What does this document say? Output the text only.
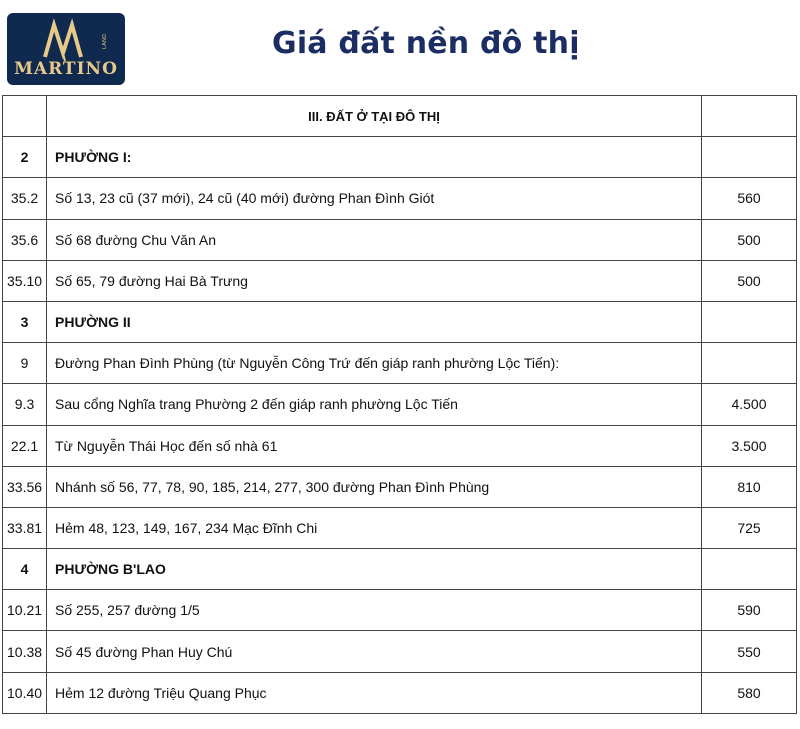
LAND
MARTINO
Giá đất nền đô thị
	III. ĐẤT Ở TẠI ĐÔ THỊ	
2	PHƯỜNG I:	
35.2	Số 13, 23 cũ (37 mới), 24 cũ (40 mới) đường Phan Đình Giót	560
35.6	Số 68 đường Chu Văn An	500
35.10	Số 65, 79 đường Hai Bà Trưng	500
3	PHƯỜNG II	
9	Đường Phan Đình Phùng (từ Nguyễn Công Trứ đến giáp ranh phường Lộc Tiến):	
9.3	Sau cổng Nghĩa trang Phường 2 đến giáp ranh phường Lộc Tiến	4.500
22.1	Từ Nguyễn Thái Học đến số nhà 61	3.500
33.56	Nhánh số 56, 77, 78, 90, 185, 214, 277, 300 đường Phan Đình Phùng	810
33.81	Hẻm 48, 123, 149, 167, 234 Mạc Đĩnh Chi	725
4	PHƯỜNG B'LAO	
10.21	Số 255, 257 đường 1/5	590
10.38	Số 45 đường Phan Huy Chú	550
10.40	Hẻm 12 đường Triệu Quang Phục	580
